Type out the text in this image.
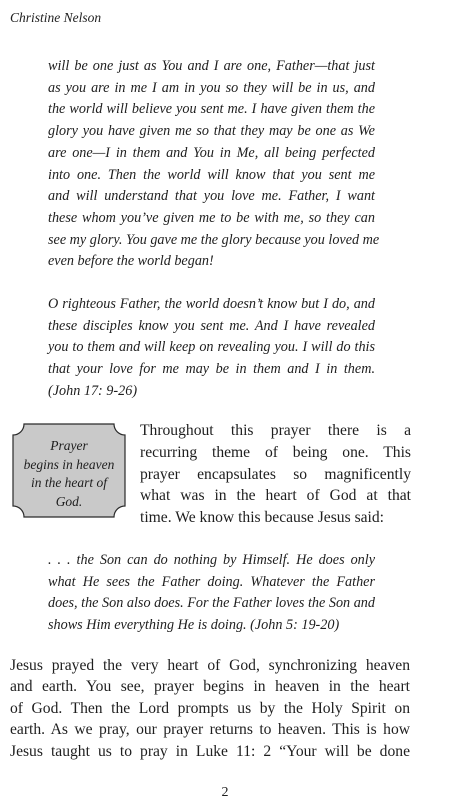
Christine Nelson
will be one just as You and I are one, Father—that just
as you are in me I am in you so they will be in us, and
the world will believe you sent me. I have given them the
glory you have given me so that they may be one as We
are one—I in them and You in Me, all being perfected
into one. Then the world will know that you sent me
and will understand that you love me. Father, I want
these whom you’ve given me to be with me, so they can
see my glory. You gave me the glory because you loved me
even before the world began!
O righteous Father, the world doesn’t know but I do, and
these disciples know you sent me. And I have revealed
you to them and will keep on revealing you. I will do this
that your love for me may be in them and I in them.
(John 17: 9-26)
Prayer
begins in heaven
in the heart of
God.
Throughout this prayer there is a
recurring theme of being one. This
prayer encapsulates so magnificently
what was in the heart of God at that
time. We know this because Jesus said:
. . . the Son can do nothing by Himself. He does only
what He sees the Father doing. Whatever the Father
does, the Son also does. For the Father loves the Son and
shows Him everything He is doing. (John 5: 19-20)
Jesus prayed the very heart of God, synchronizing heaven
and earth. You see, prayer begins in heaven in the heart
of God. Then the Lord prompts us by the Holy Spirit on
earth. As we pray, our prayer returns to heaven. This is how
Jesus taught us to pray in Luke 11: 2 “Your will be done
2
